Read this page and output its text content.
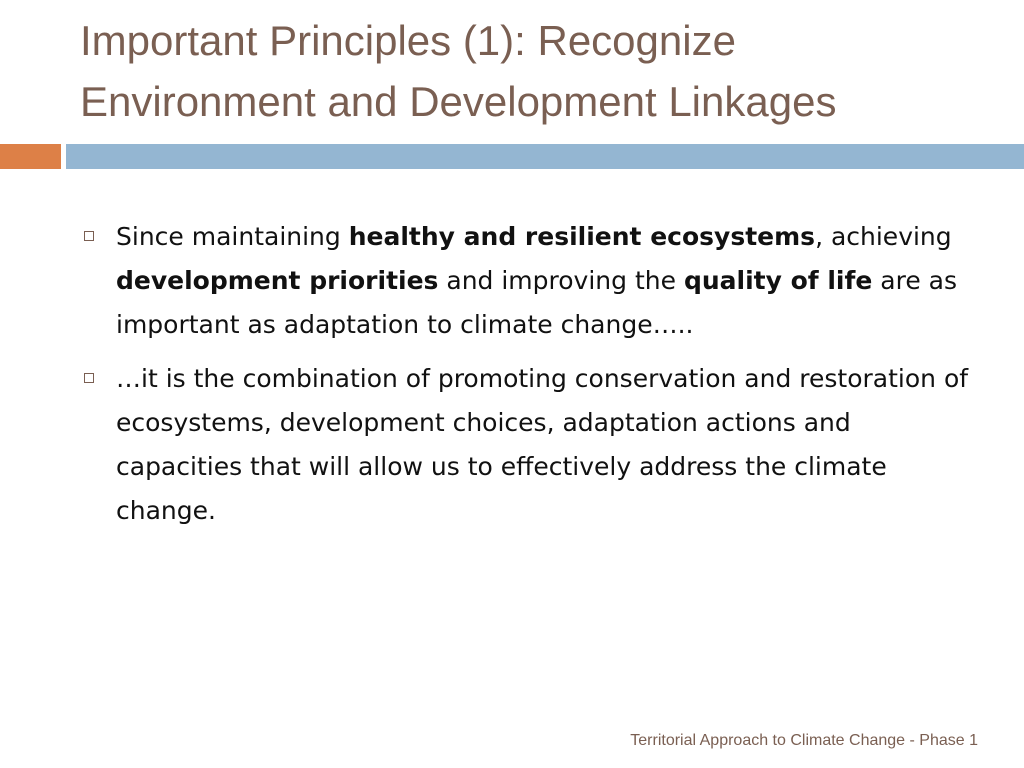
Important Principles (1): Recognize
Environment and Development Linkages
Since maintaining healthy and resilient ecosystems, achieving development priorities and improving the quality of life are as important as adaptation to climate change…..
…it is the combination of promoting conservation and restoration of ecosystems, development choices, adaptation actions and capacities that will allow us to effectively address the climate change.
Territorial Approach to Climate Change - Phase 1
